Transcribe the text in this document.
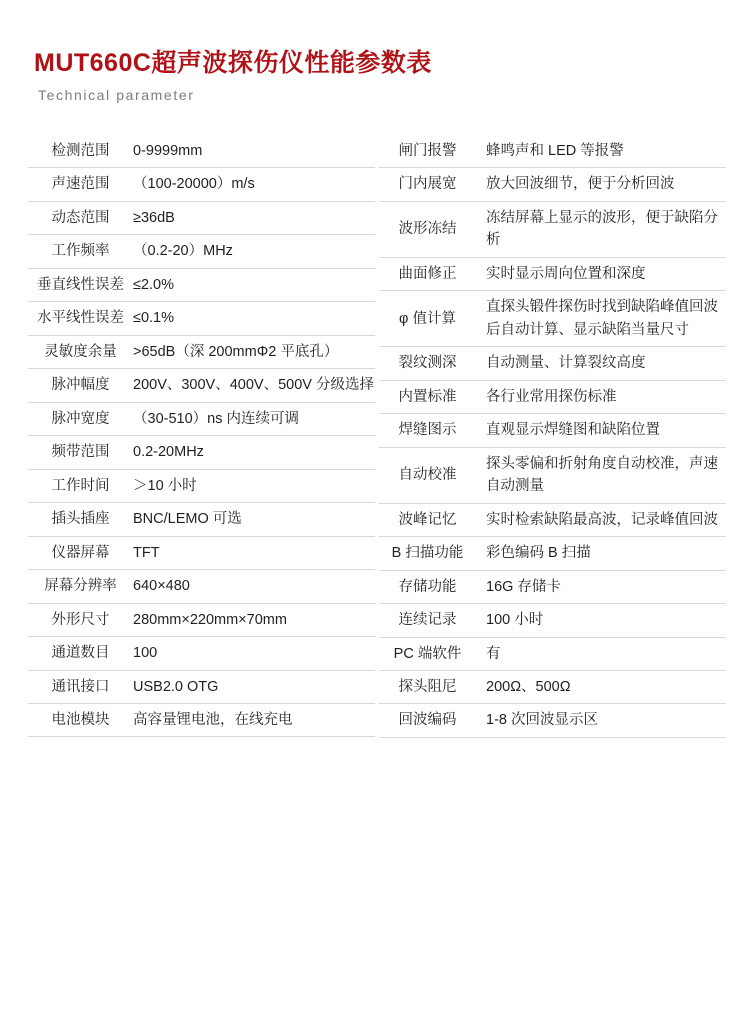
MUT660C超声波探伤仪性能参数表
Technical parameter
检测范围	0-9999mm
声速范围	（100-20000）m/s
动态范围	≥36dB
工作频率	（0.2-20）MHz
垂直线性误差	≤2.0%
水平线性误差	≤0.1%
灵敏度余量	>65dB（深 200mmΦ2 平底孔）
脉冲幅度	200V、300V、400V、500V 分级选择
脉冲宽度	（30-510）ns 内连续可调
频带范围	0.2-20MHz
工作时间	＞10 小时
插头插座	BNC/LEMO 可选
仪器屏幕	TFT
屏幕分辨率	640×480
外形尺寸	280mm×220mm×70mm
通道数目	100
通讯接口	USB2.0 OTG
电池模块	高容量锂电池，在线充电
闸门报警	蜂鸣声和 LED 等报警
门内展宽	放大回波细节，便于分析回波
波形冻结	冻结屏幕上显示的波形，便于缺陷分析
曲面修正	实时显示周向位置和深度
φ 值计算	直探头锻件探伤时找到缺陷峰值回波后自动计算、显示缺陷当量尺寸
裂纹测深	自动测量、计算裂纹高度
内置标准	各行业常用探伤标准
焊缝图示	直观显示焊缝图和缺陷位置
自动校准	探头零偏和折射角度自动校准，声速自动测量
波峰记忆	实时检索缺陷最高波，记录峰值回波
B 扫描功能	彩色编码 B 扫描
存储功能	16G 存储卡
连续记录	100 小时
PC 端软件	有
探头阻尼	200Ω、500Ω
回波编码	1-8 次回波显示区
